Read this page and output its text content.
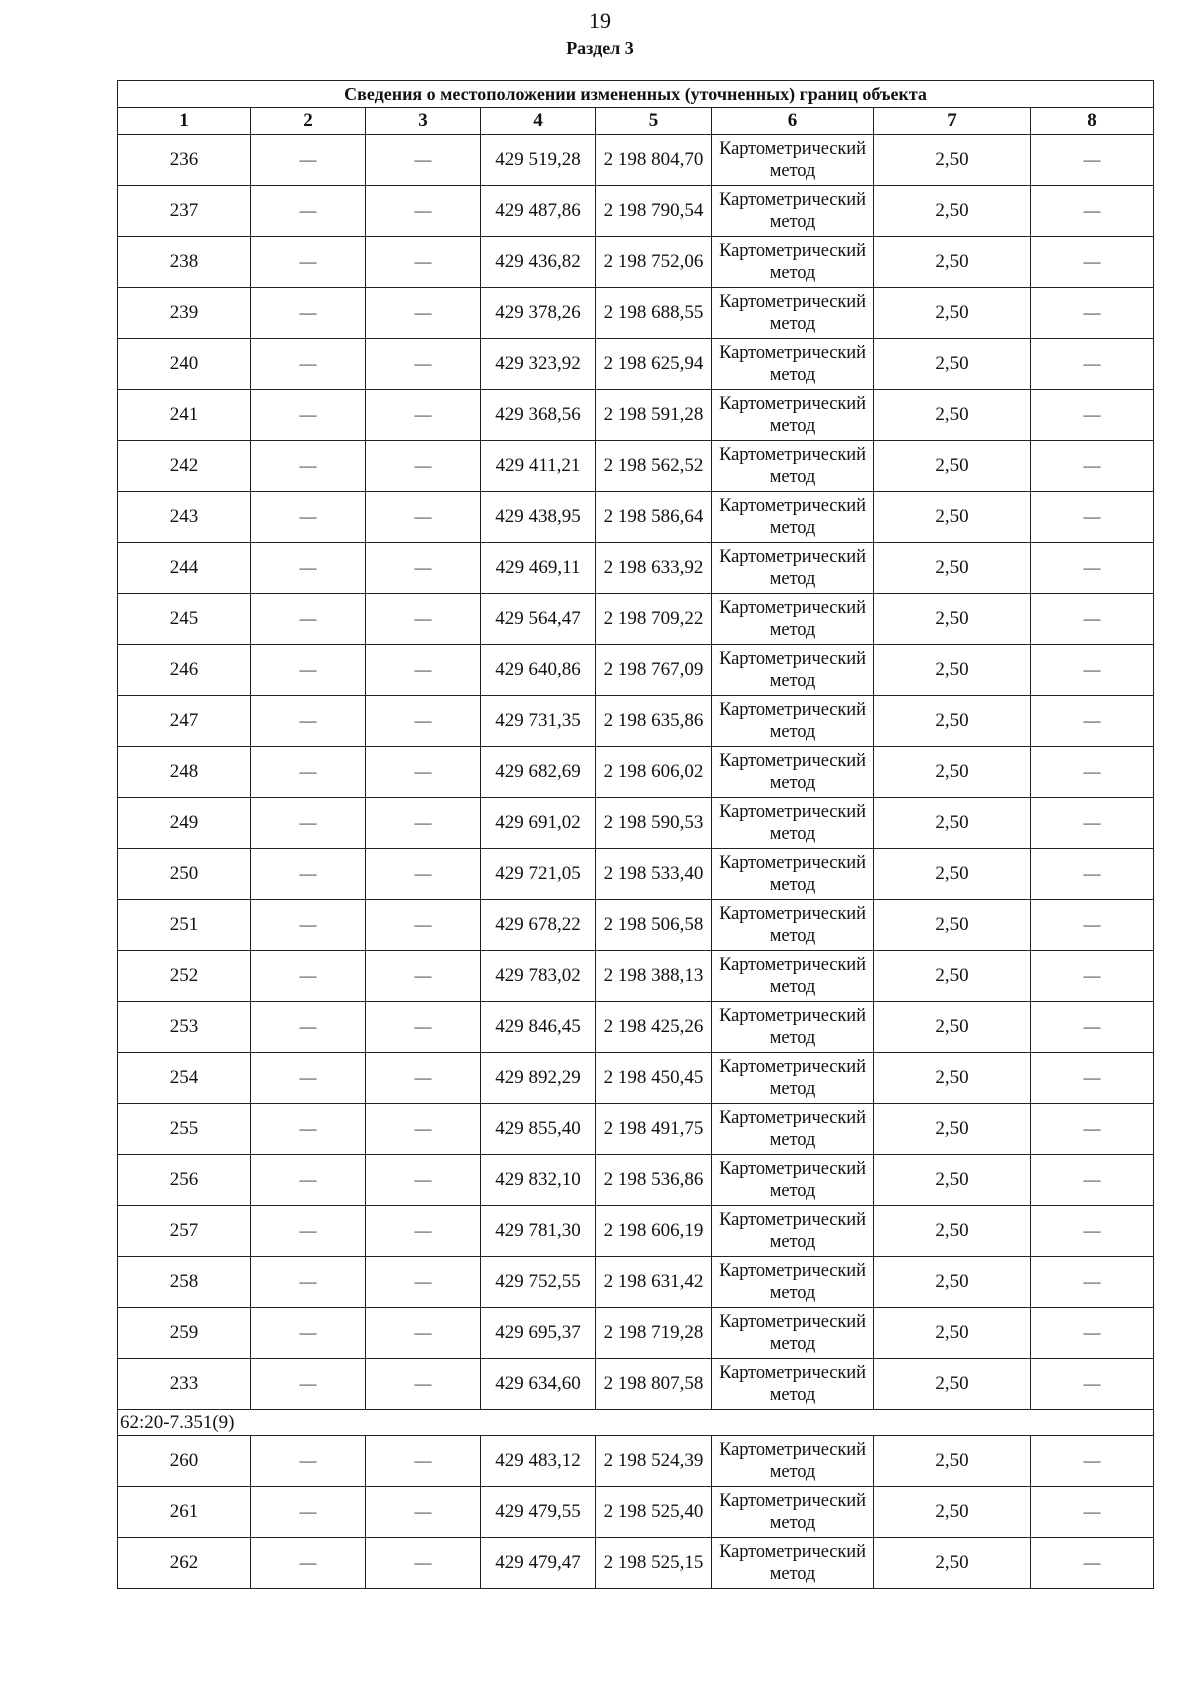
19
Раздел 3
Сведения о местоположении измененных (уточненных) границ объекта							
1	2	3	4	5	6	7	8
236	—	—	429 519,28	2 198 804,70	Картометрический метод	2,50	—
237	—	—	429 487,86	2 198 790,54	Картометрический метод	2,50	—
238	—	—	429 436,82	2 198 752,06	Картометрический метод	2,50	—
239	—	—	429 378,26	2 198 688,55	Картометрический метод	2,50	—
240	—	—	429 323,92	2 198 625,94	Картометрический метод	2,50	—
241	—	—	429 368,56	2 198 591,28	Картометрический метод	2,50	—
242	—	—	429 411,21	2 198 562,52	Картометрический метод	2,50	—
243	—	—	429 438,95	2 198 586,64	Картометрический метод	2,50	—
244	—	—	429 469,11	2 198 633,92	Картометрический метод	2,50	—
245	—	—	429 564,47	2 198 709,22	Картометрический метод	2,50	—
246	—	—	429 640,86	2 198 767,09	Картометрический метод	2,50	—
247	—	—	429 731,35	2 198 635,86	Картометрический метод	2,50	—
248	—	—	429 682,69	2 198 606,02	Картометрический метод	2,50	—
249	—	—	429 691,02	2 198 590,53	Картометрический метод	2,50	—
250	—	—	429 721,05	2 198 533,40	Картометрический метод	2,50	—
251	—	—	429 678,22	2 198 506,58	Картометрический метод	2,50	—
252	—	—	429 783,02	2 198 388,13	Картометрический метод	2,50	—
253	—	—	429 846,45	2 198 425,26	Картометрический метод	2,50	—
254	—	—	429 892,29	2 198 450,45	Картометрический метод	2,50	—
255	—	—	429 855,40	2 198 491,75	Картометрический метод	2,50	—
256	—	—	429 832,10	2 198 536,86	Картометрический метод	2,50	—
257	—	—	429 781,30	2 198 606,19	Картометрический метод	2,50	—
258	—	—	429 752,55	2 198 631,42	Картометрический метод	2,50	—
259	—	—	429 695,37	2 198 719,28	Картометрический метод	2,50	—
233	—	—	429 634,60	2 198 807,58	Картометрический метод	2,50	—
62:20-7.351(9)							
260	—	—	429 483,12	2 198 524,39	Картометрический метод	2,50	—
261	—	—	429 479,55	2 198 525,40	Картометрический метод	2,50	—
262	—	—	429 479,47	2 198 525,15	Картометрический метод	2,50	—
